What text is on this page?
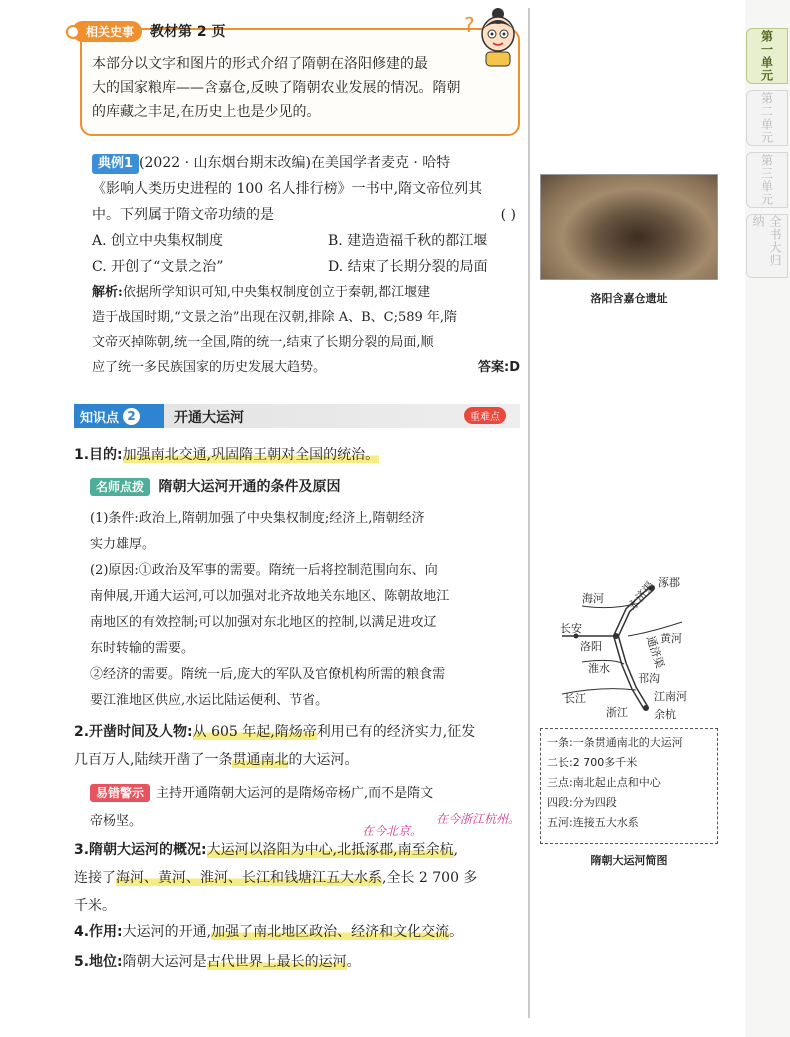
第一单元
第二单元
第三单元
全书大归纳
相关史事	教材第 2 页
本部分以文字和图片的形式介绍了隋朝在洛阳修建的最
大的国家粮库——含嘉仓,反映了隋朝农业发展的情况。隋朝
的库藏之丰足,在历史上也是少见的。
?
典例1 (2022 · 山东烟台期末改编)在美国学者麦克 · 哈特
《影响人类历史进程的 100 名人排行榜》一书中,隋文帝位列其
中。下列属于隋文帝功绩的是	( )
A. 创立中央集权制度	B. 建造造福千秋的都江堰
C. 开创了“文景之治”	D. 结束了长期分裂的局面
解析:依据所学知识可知,中央集权制度创立于秦朝,都江堰建
造于战国时期,“文景之治”出现在汉朝,排除 A、B、C;589 年,隋
文帝灭掉陈朝,统一全国,隋的统一,结束了长期分裂的局面,顺
应了统一多民族国家的历史发展大趋势。	答案:D
知识点 2	开通大运河	重难点
1.目的:加强南北交通,巩固隋王朝对全国的统治。
名师点拨 隋朝大运河开通的条件及原因
(1)条件:政治上,隋朝加强了中央集权制度;经济上,隋朝经济
实力雄厚。
(2)原因:①政治及军事的需要。隋统一后将控制范围向东、向
南伸展,开通大运河,可以加强对北齐故地关东地区、陈朝故地江
南地区的有效控制;可以加强对东北地区的控制,以满足进攻辽
东时转输的需要。
②经济的需要。隋统一后,庞大的军队及官僚机构所需的粮食需
要江淮地区供应,水运比陆运便利、节省。
2.开凿时间及人物:从 605 年起,隋炀帝利用已有的经济实力,征发
几百万人,陆续开凿了一条贯通南北的大运河。
易错警示 主持开通隋朝大运河的是隋炀帝杨广,而不是隋文
帝杨坚。
在今北京。
在今浙江杭州。
3.隋朝大运河的概况:大运河以洛阳为中心,北抵涿郡,南至余杭,
连接了海河、黄河、淮河、长江和钱塘江五大水系,全长 2 700 多
千米。
4.作用:大运河的开通,加强了南北地区政治、经济和文化交流。
5.地位:隋朝大运河是古代世界上最长的运河。
洛阳含嘉仓遗址
涿郡
海河 永济渠
长安
洛阳
黄河
通济渠
淮水
邗沟
长江	江南河
浙江 余杭
一条:一条贯通南北的大运河
二长:2 700多千米
三点:南北起止点和中心
四段:分为四段
五河:连接五大水系
隋朝大运河简图
